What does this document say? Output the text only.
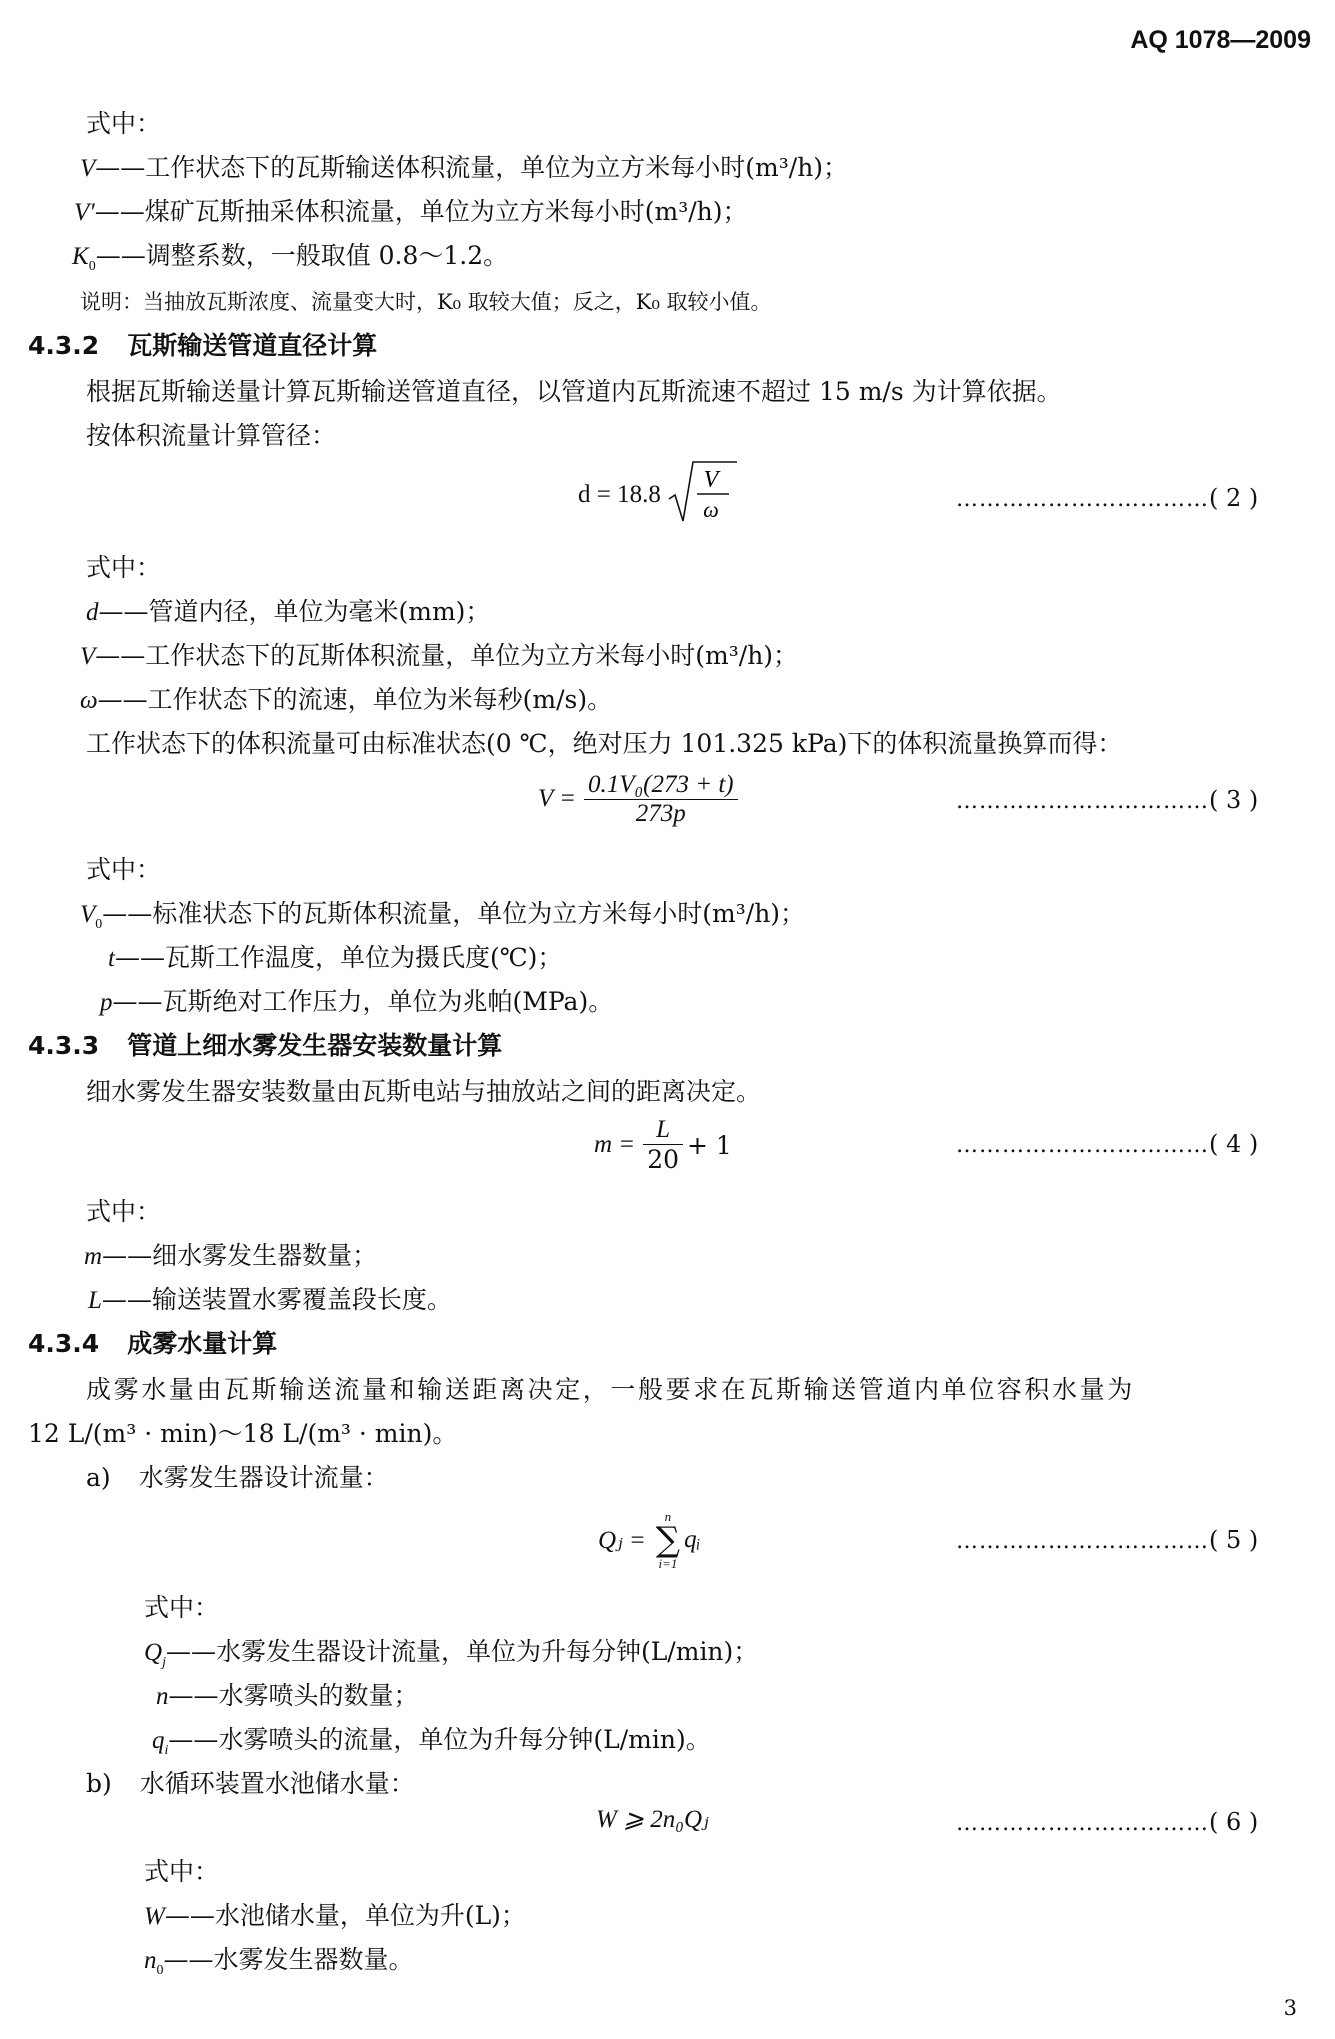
AQ 1078—2009
式中：
V——工作状态下的瓦斯输送体积流量，单位为立方米每小时(m³/h)；
V′——煤矿瓦斯抽采体积流量，单位为立方米每小时(m³/h)；
$K_0——$调整系数，一般取值 0.8～1.2。
说明：当抽放瓦斯浓度、流量变大时，K₀ 取较大值；反之，K₀ 取较小值。
4.3.2 瓦斯输送管道直径计算
根据瓦斯输送量计算瓦斯输送管道直径，以管道内瓦斯流速不超过 15 m/s 为计算依据。
按体积流量计算管径：
d = 18.8
V
ω	……………………………( 2 )
式中：
d——管道内径，单位为毫米(mm)；
V——工作状态下的瓦斯体积流量，单位为立方米每小时(m³/h)；
ω——工作状态下的流速，单位为米每秒(m/s)。
工作状态下的体积流量可由标准状态(0 ℃，绝对压力 101.325 kPa)下的体积流量换算而得：
$V = \frac{\text{0.1V₀(273 + t)}}{273p}$	……………………………( 3 )
式中：
$V_0——$标准状态下的瓦斯体积流量，单位为立方米每小时(m³/h)；
t——瓦斯工作温度，单位为摄氏度(℃)；
p——瓦斯绝对工作压力，单位为兆帕(MPa)。
4.3.3 管道上细水雾发生器安装数量计算
细水雾发生器安装数量由瓦斯电站与抽放站之间的距离决定。
$m = \frac{L}{20} + 1$	……………………………( 4 )
式中：
m——细水雾发生器数量；
L——输送装置水雾覆盖段长度。
4.3.4 成雾水量计算
成雾水量由瓦斯输送流量和输送距离决定，一般要求在瓦斯输送管道内单位容积水量为
12 L/(m³ · min)～18 L/(m³ · min)。
a) 水雾发生器设计流量：
Qⱼ =
n
∑
i=1
qᵢ	……………………………( 5 )
式中：
$Q_j——$水雾发生器设计流量，单位为升每分钟(L/min)；
n——水雾喷头的数量；
$q_i——$水雾喷头的流量，单位为升每分钟(L/min)。
b) 水循环装置水池储水量：
W ⩾ 2n₀Qⱼ	……………………………( 6 )
式中：
W——水池储水量，单位为升(L)；
$n_0——$水雾发生器数量。
3
